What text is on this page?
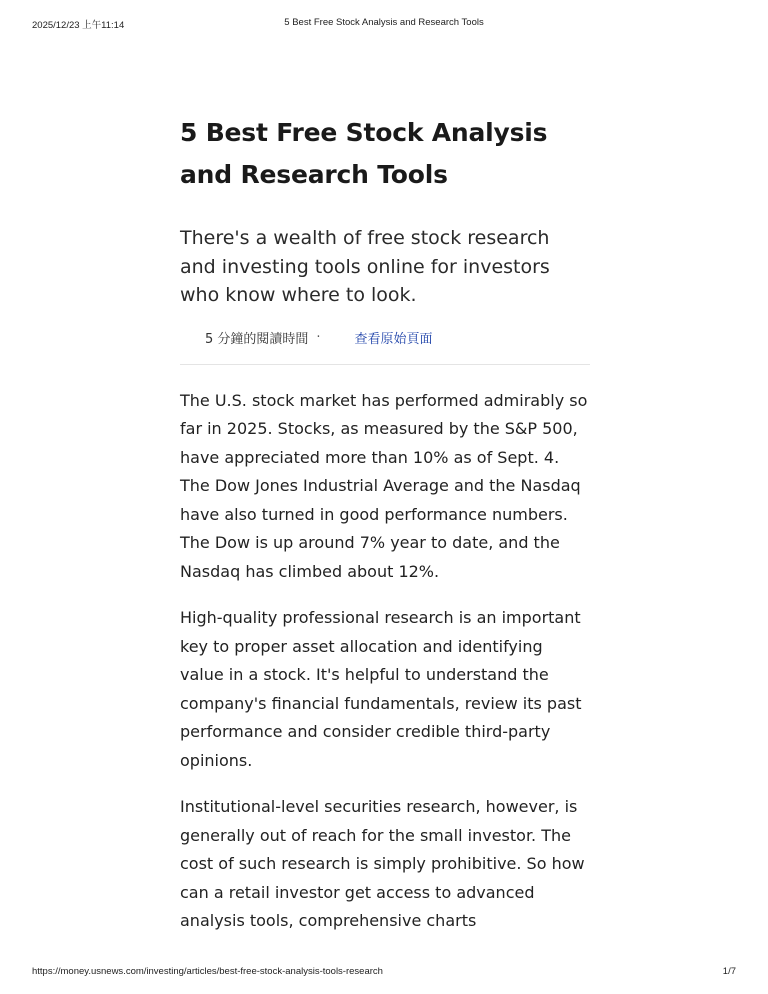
2025/12/23 上午11:14	5 Best Free Stock Analysis and Research Tools
5 Best Free Stock Analysis
and Research Tools

There's a wealth of free stock research and investing tools online for investors who know where to look.

5 分鐘的閱讀時間 ·	查看原始頁面

The U.S. stock market has performed admirably so far in 2025. Stocks, as measured by the S&P 500, have appreciated more than 10% as of Sept. 4. The Dow Jones Industrial Average and the Nasdaq have also turned in good performance numbers. The Dow is up around 7% year to date, and the Nasdaq has climbed about 12%.

High-quality professional research is an important key to proper asset allocation and identifying value in a stock. It's helpful to understand the company's financial fundamentals, review its past performance and consider credible third-party opinions.

Institutional-level securities research, however, is generally out of reach for the small investor. The cost of such research is simply prohibitive. So how can a retail investor get access to advanced analysis tools, comprehensive charts

https://money.usnews.com/investing/articles/best-free-stock-analysis-tools-research	1/7
